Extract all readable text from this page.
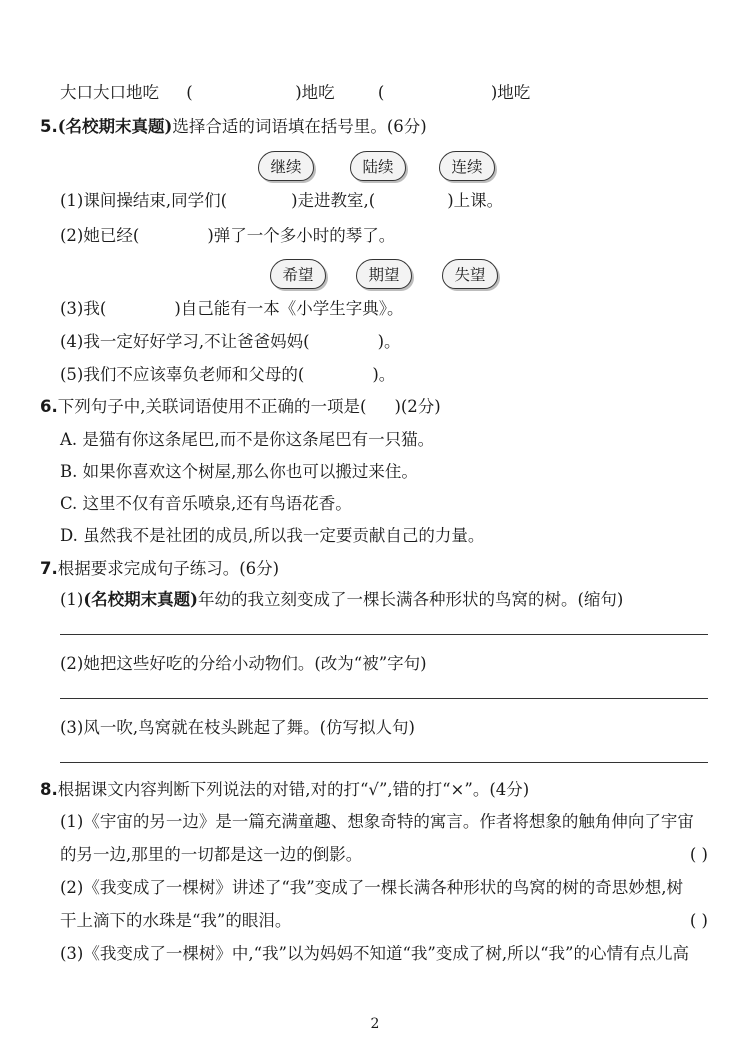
大口大口地吃 (	)地吃	(	)地吃
5.(名校期末真题)选择合适的词语填在括号里。(6分)
继续	陆续	连续
(1)课间操结束,同学们(	)走进教室,(	)上课。
(2)她已经(	)弹了一个多小时的琴了。
希望	期望	失望
(3)我(	)自己能有一本《小学生字典》。
(4)我一定好好学习,不让爸爸妈妈(	)。
(5)我们不应该辜负老师和父母的(	)。
6.下列句子中,关联词语使用不正确的一项是( )(2分)
A. 是猫有你这条尾巴,而不是你这条尾巴有一只猫。
B. 如果你喜欢这个树屋,那么你也可以搬过来住。
C. 这里不仅有音乐喷泉,还有鸟语花香。
D. 虽然我不是社团的成员,所以我一定要贡献自己的力量。
7.根据要求完成句子练习。(6分)
(1)(名校期末真题)年幼的我立刻变成了一棵长满各种形状的鸟窝的树。(缩句)
(2)她把这些好吃的分给小动物们。(改为“被”字句)
(3)风一吹,鸟窝就在枝头跳起了舞。(仿写拟人句)
8.根据课文内容判断下列说法的对错,对的打“√”,错的打“×”。(4分)
(1)《宇宙的另一边》是一篇充满童趣、想象奇特的寓言。作者将想象的触角伸向了宇宙
的另一边,那里的一切都是这一边的倒影。	( )
(2)《我变成了一棵树》讲述了“我”变成了一棵长满各种形状的鸟窝的树的奇思妙想,树
干上滴下的水珠是“我”的眼泪。	( )
(3)《我变成了一棵树》中,“我”以为妈妈不知道“我”变成了树,所以“我”的心情有点儿高
2
